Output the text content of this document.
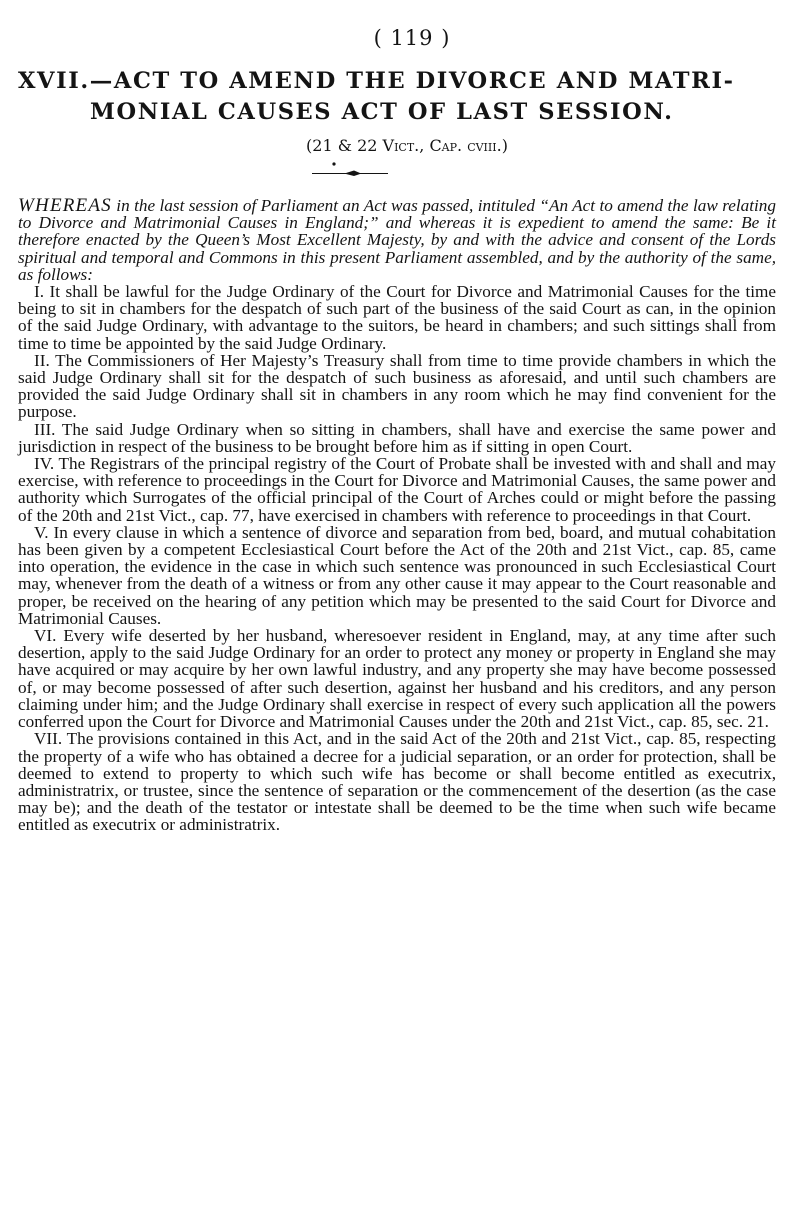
( 119 )
XVII.—ACT TO AMEND THE DIVORCE AND MATRI-
MONIAL CAUSES ACT OF LAST SESSION.
(21 & 22 Vict., Cap. cviii.)

WHEREAS in the last session of Parliament an Act was passed, intituled “An Act to amend the law relating to Divorce and Matrimonial Causes in England;” and whereas it is expedient to amend the same: Be it therefore enacted by the Queen’s Most Excellent Majesty, by and with the advice and consent of the Lords spiritual and temporal and Commons in this present Parliament assembled, and by the authority of the same, as follows:

I. It shall be lawful for the Judge Ordinary of the Court for Divorce and Matrimonial Causes for the time being to sit in chambers for the despatch of such part of the business of the said Court as can, in the opinion of the said Judge Ordinary, with advantage to the suitors, be heard in chambers; and such sittings shall from time to time be appointed by the said Judge Ordinary.

II. The Commissioners of Her Majesty’s Treasury shall from time to time provide chambers in which the said Judge Ordinary shall sit for the despatch of such business as aforesaid, and until such chambers are provided the said Judge Ordinary shall sit in chambers in any room which he may find convenient for the purpose.

III. The said Judge Ordinary when so sitting in chambers, shall have and exercise the same power and jurisdiction in respect of the business to be brought before him as if sitting in open Court.

IV. The Registrars of the principal registry of the Court of Probate shall be invested with and shall and may exercise, with reference to proceedings in the Court for Divorce and Matrimonial Causes, the same power and authority which Surrogates of the official principal of the Court of Arches could or might before the passing of the 20th and 21st Vict., cap. 77, have exercised in chambers with reference to proceedings in that Court.

V. In every clause in which a sentence of divorce and separation from bed, board, and mutual cohabitation has been given by a competent Ecclesiastical Court before the Act of the 20th and 21st Vict., cap. 85, came into operation, the evidence in the case in which such sentence was pronounced in such Ecclesiastical Court may, whenever from the death of a witness or from any other cause it may appear to the Court reasonable and proper, be received on the hearing of any petition which may be presented to the said Court for Divorce and Matrimonial Causes.

VI. Every wife deserted by her husband, wheresoever resident in England, may, at any time after such desertion, apply to the said Judge Ordinary for an order to protect any money or property in England she may have acquired or may acquire by her own lawful industry, and any property she may have become possessed of, or may become possessed of after such desertion, against her husband and his creditors, and any person claiming under him; and the Judge Ordinary shall exercise in respect of every such application all the powers conferred upon the Court for Divorce and Matrimonial Causes under the 20th and 21st Vict., cap. 85, sec. 21.

VII. The provisions contained in this Act, and in the said Act of the 20th and 21st Vict., cap. 85, respecting the property of a wife who has obtained a decree for a judicial separation, or an order for protection, shall be deemed to extend to property to which such wife has become or shall become entitled as executrix, administratrix, or trustee, since the sentence of separation or the commencement of the desertion (as the case may be); and the death of the testator or intestate shall be deemed to be the time when such wife became entitled as executrix or administratrix.
